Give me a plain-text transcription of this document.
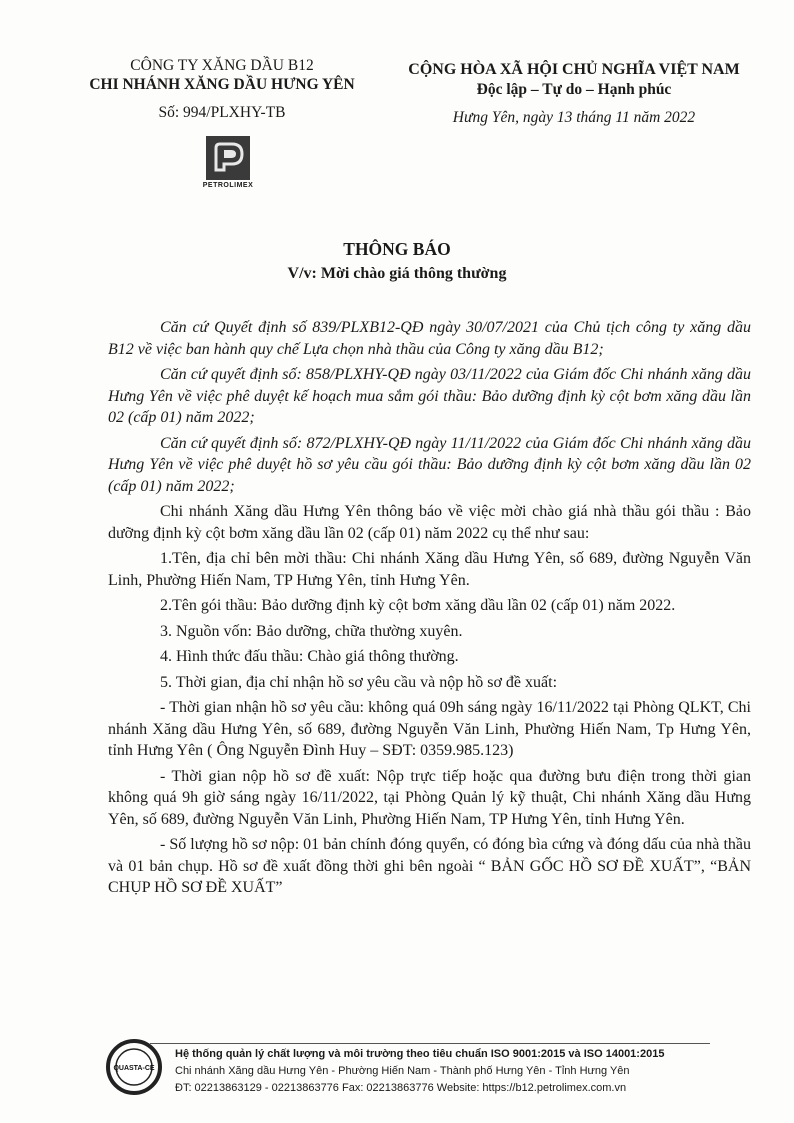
CÔNG TY XĂNG DẦU B12
CHI NHÁNH XĂNG DẦU HƯNG YÊN
Số: 994/PLXHY-TB
PETROLIMEX
CỘNG HÒA XÃ HỘI CHỦ NGHĨA VIỆT NAM
Độc lập – Tự do – Hạnh phúc
Hưng Yên, ngày 13 tháng 11 năm 2022
THÔNG BÁO
V/v: Mời chào giá thông thường

Căn cứ Quyết định số 839/PLXB12-QĐ ngày 30/07/2021 của Chủ tịch công ty xăng dầu B12 về việc ban hành quy chế Lựa chọn nhà thầu của Công ty xăng dầu B12;

Căn cứ quyết định số: 858/PLXHY-QĐ ngày 03/11/2022 của Giám đốc Chi nhánh xăng dầu Hưng Yên về việc phê duyệt kế hoạch mua sắm gói thầu: Bảo dưỡng định kỳ cột bơm xăng dầu lần 02 (cấp 01) năm 2022;

Căn cứ quyết định số: 872/PLXHY-QĐ ngày 11/11/2022 của Giám đốc Chi nhánh xăng dầu Hưng Yên về việc phê duyệt hồ sơ yêu cầu gói thầu: Bảo dưỡng định kỳ cột bơm xăng dầu lần 02 (cấp 01) năm 2022;

Chi nhánh Xăng dầu Hưng Yên thông báo về việc mời chào giá nhà thầu gói thầu : Bảo dưỡng định kỳ cột bơm xăng dầu lần 02 (cấp 01) năm 2022 cụ thể như sau:

1.Tên, địa chỉ bên mời thầu: Chi nhánh Xăng dầu Hưng Yên, số 689, đường Nguyễn Văn Linh, Phường Hiến Nam, TP Hưng Yên, tỉnh Hưng Yên.

2.Tên gói thầu: Bảo dưỡng định kỳ cột bơm xăng dầu lần 02 (cấp 01) năm 2022.

3. Nguồn vốn: Bảo dưỡng, chữa thường xuyên.

4. Hình thức đấu thầu: Chào giá thông thường.

5. Thời gian, địa chỉ nhận hồ sơ yêu cầu và nộp hồ sơ đề xuất:

- Thời gian nhận hồ sơ yêu cầu: không quá 09h sáng ngày 16/11/2022 tại Phòng QLKT, Chi nhánh Xăng dầu Hưng Yên, số 689, đường Nguyễn Văn Linh, Phường Hiến Nam, Tp Hưng Yên, tỉnh Hưng Yên ( Ông Nguyễn Đình Huy – SĐT: 0359.985.123)

- Thời gian nộp hồ sơ đề xuất: Nộp trực tiếp hoặc qua đường bưu điện trong thời gian không quá 9h giờ sáng ngày 16/11/2022, tại Phòng Quản lý kỹ thuật, Chi nhánh Xăng dầu Hưng Yên, số 689, đường Nguyễn Văn Linh, Phường Hiến Nam, TP Hưng Yên, tỉnh Hưng Yên.

- Số lượng hồ sơ nộp: 01 bản chính đóng quyển, có đóng bìa cứng và đóng dấu của nhà thầu và 01 bản chụp. Hồ sơ đề xuất đồng thời ghi bên ngoài “ BẢN GỐC HỒ SƠ ĐỀ XUẤT”, “BẢN CHỤP HỒ SƠ ĐỀ XUẤT”

QUASTA-CE
Hệ thống quản lý chất lượng và môi trường theo tiêu chuẩn ISO 9001:2015 và ISO 14001:2015
Chi nhánh Xăng dầu Hưng Yên - Phường Hiến Nam - Thành phố Hưng Yên - Tỉnh Hưng Yên
ĐT: 02213863129 - 02213863776 Fax: 02213863776 Website: https://b12.petrolimex.com.vn
